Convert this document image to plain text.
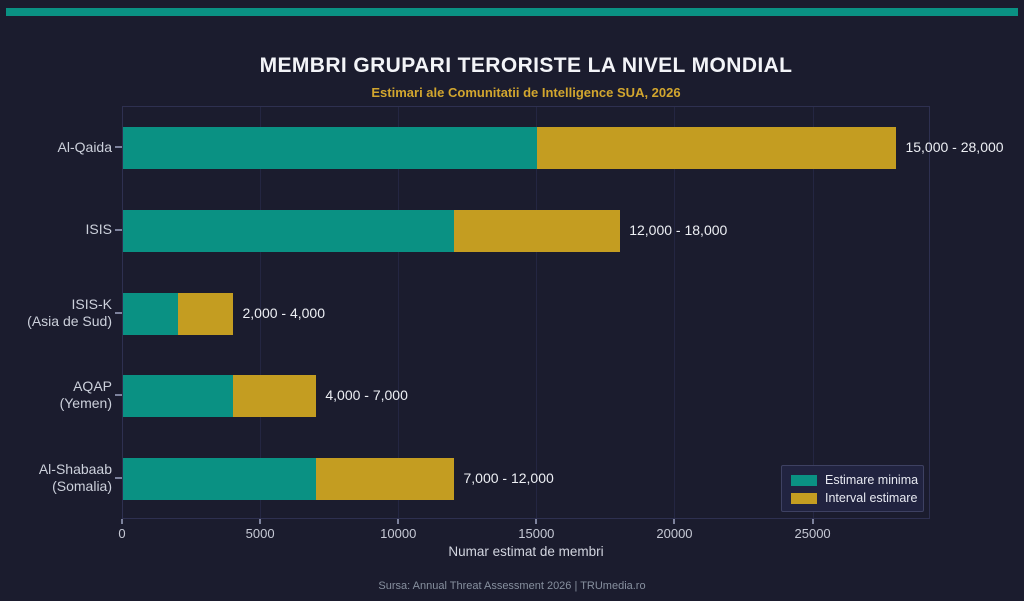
MEMBRI GRUPARI TERORISTE LA NIVEL MONDIAL
Estimari ale Comunitatii de Intelligence SUA, 2026
Al-Qaida
ISIS
ISIS-K
(Asia de Sud)
AQAP
(Yemen)
Al-Shabaab
(Somalia)
0	5000	10000	15000	20000	25000
Numar estimat de membri
Estimare minima
Interval estimare
Sursa: Annual Threat Assessment 2026 | TRUmedia.ro
15,000 - 28,000
12,000 - 18,000
2,000 - 4,000
4,000 - 7,000
7,000 - 12,000
